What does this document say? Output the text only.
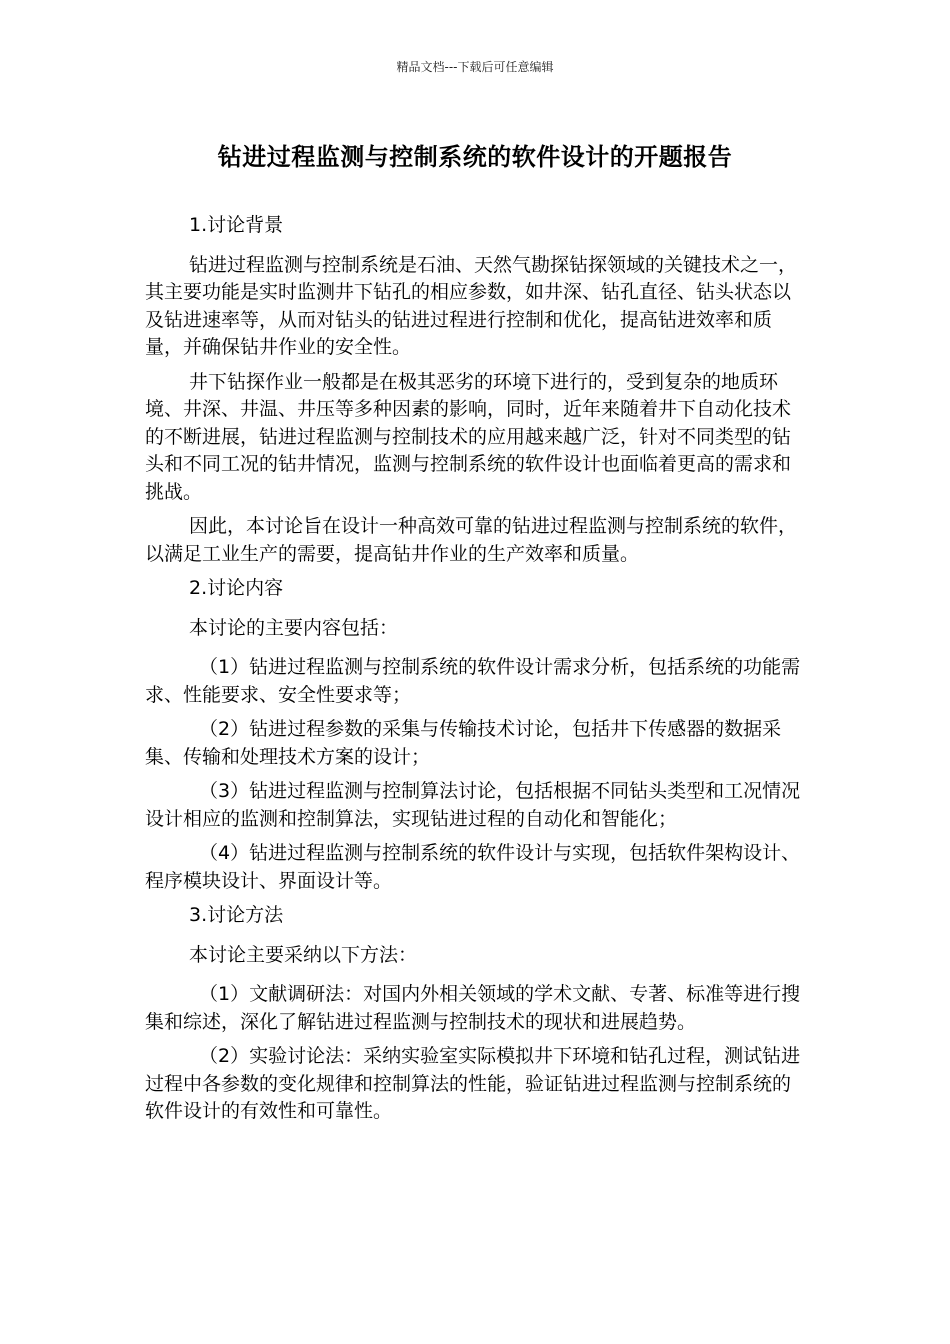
精品文档---下载后可任意编辑
钻进过程监测与控制系统的软件设计的开题报告

1.讨论背景

钻进过程监测与控制系统是石油、天然气勘探钻探领域的关键技术之一，其主要功能是实时监测井下钻孔的相应参数，如井深、钻孔直径、钻头状态以及钻进速率等，从而对钻头的钻进过程进行控制和优化，提高钻进效率和质量，并确保钻井作业的安全性。

井下钻探作业一般都是在极其恶劣的环境下进行的，受到复杂的地质环境、井深、井温、井压等多种因素的影响，同时，近年来随着井下自动化技术的不断进展，钻进过程监测与控制技术的应用越来越广泛，针对不同类型的钻头和不同工况的钻井情况，监测与控制系统的软件设计也面临着更高的需求和挑战。

因此，本讨论旨在设计一种高效可靠的钻进过程监测与控制系统的软件，以满足工业生产的需要，提高钻井作业的生产效率和质量。

2.讨论内容

本讨论的主要内容包括：

（1）钻进过程监测与控制系统的软件设计需求分析，包括系统的功能需求、性能要求、安全性要求等；

（2）钻进过程参数的采集与传输技术讨论，包括井下传感器的数据采集、传输和处理技术方案的设计；

（3）钻进过程监测与控制算法讨论，包括根据不同钻头类型和工况情况设计相应的监测和控制算法，实现钻进过程的自动化和智能化；

（4）钻进过程监测与控制系统的软件设计与实现，包括软件架构设计、程序模块设计、界面设计等。

3.讨论方法

本讨论主要采纳以下方法：

（1）文献调研法：对国内外相关领域的学术文献、专著、标准等进行搜集和综述，深化了解钻进过程监测与控制技术的现状和进展趋势。

（2）实验讨论法：采纳实验室实际模拟井下环境和钻孔过程，测试钻进过程中各参数的变化规律和控制算法的性能，验证钻进过程监测与控制系统的软件设计的有效性和可靠性。
